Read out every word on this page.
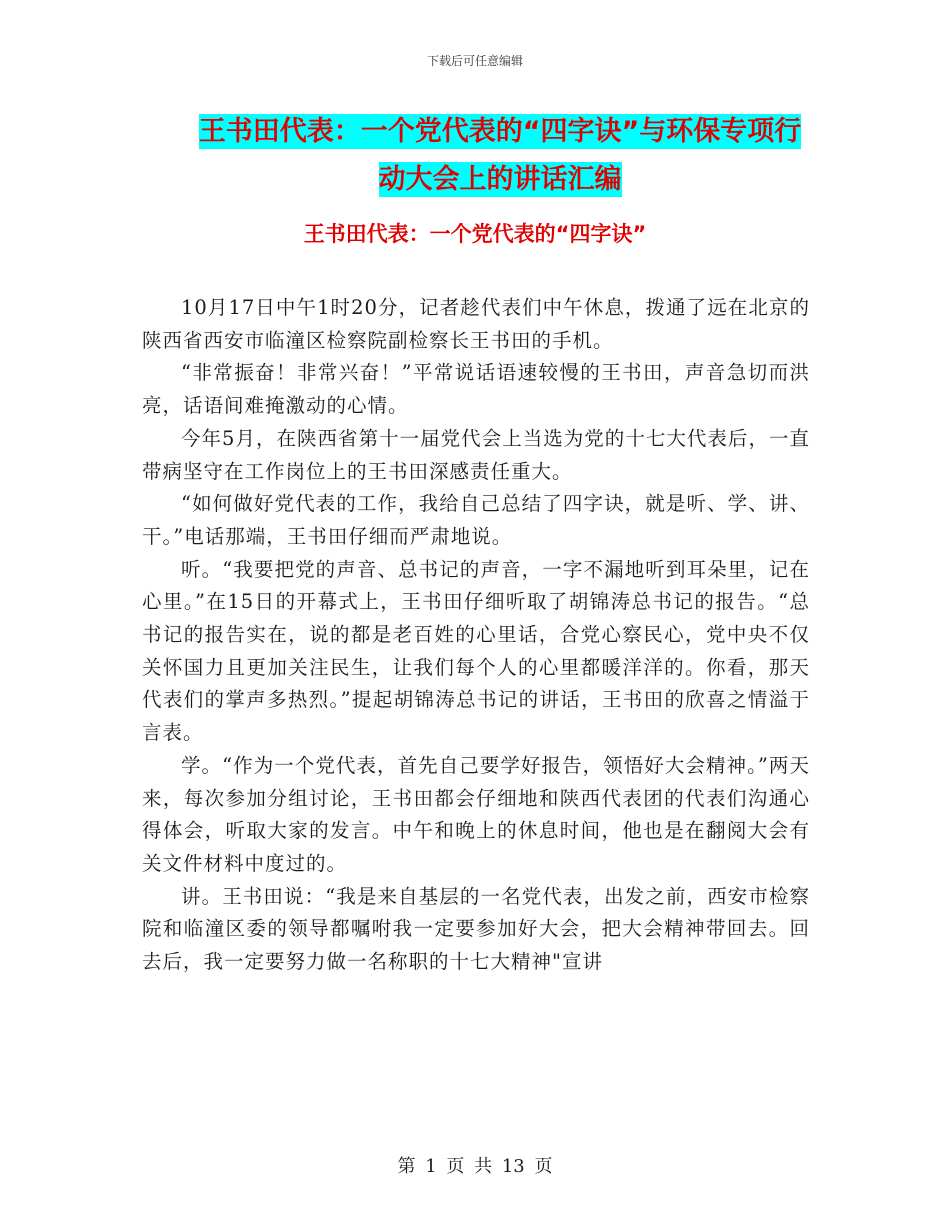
下载后可任意编辑
王书田代表：一个党代表的“四字诀”与环保专项行
动大会上的讲话汇编
王书田代表：一个党代表的“四字诀”

10月17日中午1时20分，记者趁代表们中午休息，拨通了远在北京的陕西省西安市临潼区检察院副检察长王书田的手机。

“非常振奋！非常兴奋！”平常说话语速较慢的王书田，声音急切而洪亮，话语间难掩激动的心情。

今年5月，在陕西省第十一届党代会上当选为党的十七大代表后，一直带病坚守在工作岗位上的王书田深感责任重大。

“如何做好党代表的工作，我给自己总结了四字诀，就是听、学、讲、干。”电话那端，王书田仔细而严肃地说。

听。“我要把党的声音、总书记的声音，一字不漏地听到耳朵里，记在心里。”在15日的开幕式上，王书田仔细听取了胡锦涛总书记的报告。“总书记的报告实在，说的都是老百姓的心里话，合党心察民心，党中央不仅关怀国力且更加关注民生，让我们每个人的心里都暖洋洋的。你看，那天代表们的掌声多热烈。”提起胡锦涛总书记的讲话，王书田的欣喜之情溢于言表。

学。“作为一个党代表，首先自己要学好报告，领悟好大会精神。”两天来，每次参加分组讨论，王书田都会仔细地和陕西代表团的代表们沟通心得体会，听取大家的发言。中午和晚上的休息时间，他也是在翻阅大会有关文件材料中度过的。

讲。王书田说：“我是来自基层的一名党代表，出发之前，西安市检察院和临潼区委的领导都嘱咐我一定要参加好大会，把大会精神带回去。回去后，我一定要努力做一名称职的十七大精神"宣讲

第 1 页 共 13 页
